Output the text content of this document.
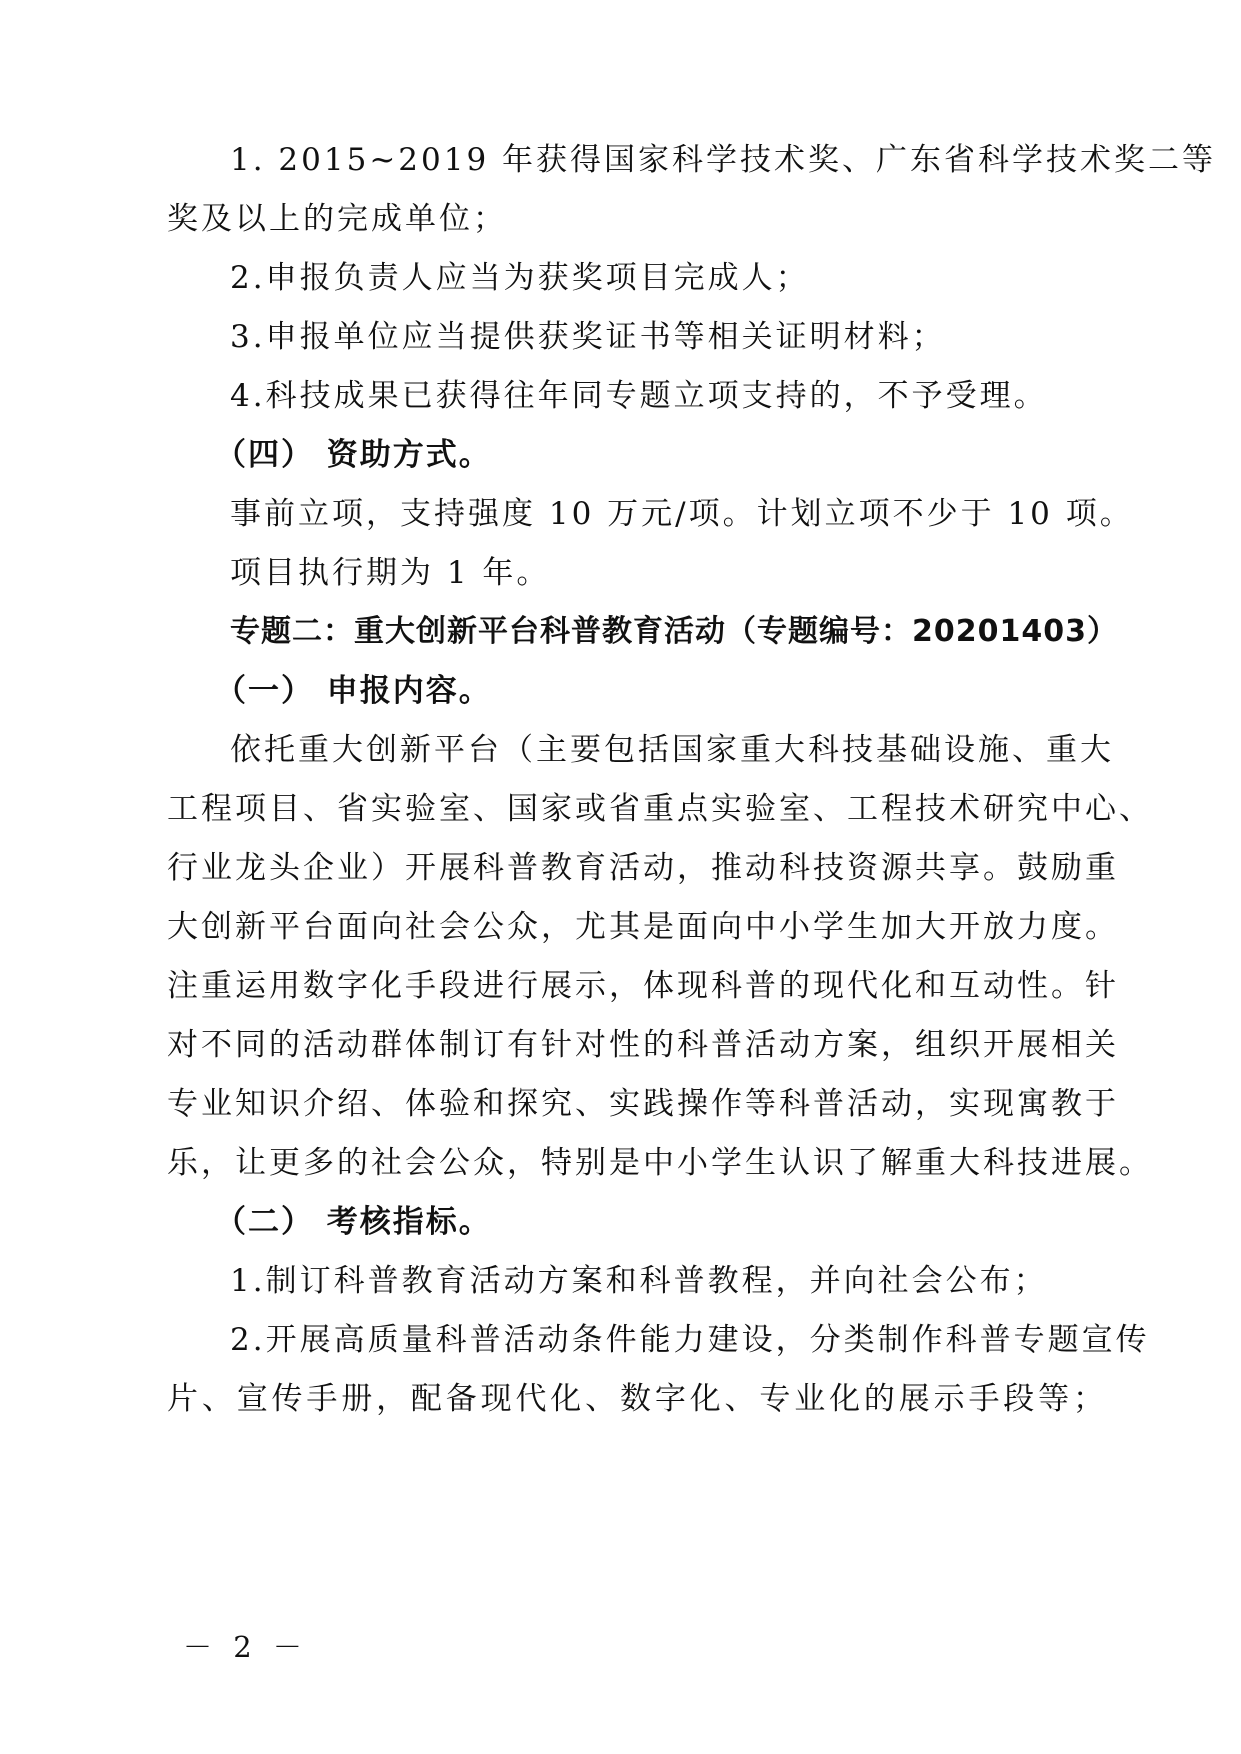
1. 2015~2019 年获得国家科学技术奖、广东省科学技术奖二等
奖及以上的完成单位；
2.申报负责人应当为获奖项目完成人；
3.申报单位应当提供获奖证书等相关证明材料；
4.科技成果已获得往年同专题立项支持的，不予受理。
（四） 资助方式。
事前立项，支持强度 10 万元/项。计划立项不少于 10 项。
项目执行期为 1 年。
专题二：重大创新平台科普教育活动（专题编号：20201403）
（一） 申报内容。
依托重大创新平台（主要包括国家重大科技基础设施、重大
工程项目、省实验室、国家或省重点实验室、工程技术研究中心、
行业龙头企业）开展科普教育活动，推动科技资源共享。鼓励重
大创新平台面向社会公众，尤其是面向中小学生加大开放力度。
注重运用数字化手段进行展示，体现科普的现代化和互动性。针
对不同的活动群体制订有针对性的科普活动方案，组织开展相关
专业知识介绍、体验和探究、实践操作等科普活动，实现寓教于
乐，让更多的社会公众，特别是中小学生认识了解重大科技进展。
（二） 考核指标。
1.制订科普教育活动方案和科普教程，并向社会公布；
2.开展高质量科普活动条件能力建设，分类制作科普专题宣传
片、宣传手册，配备现代化、数字化、专业化的展示手段等；
－ 2 －
